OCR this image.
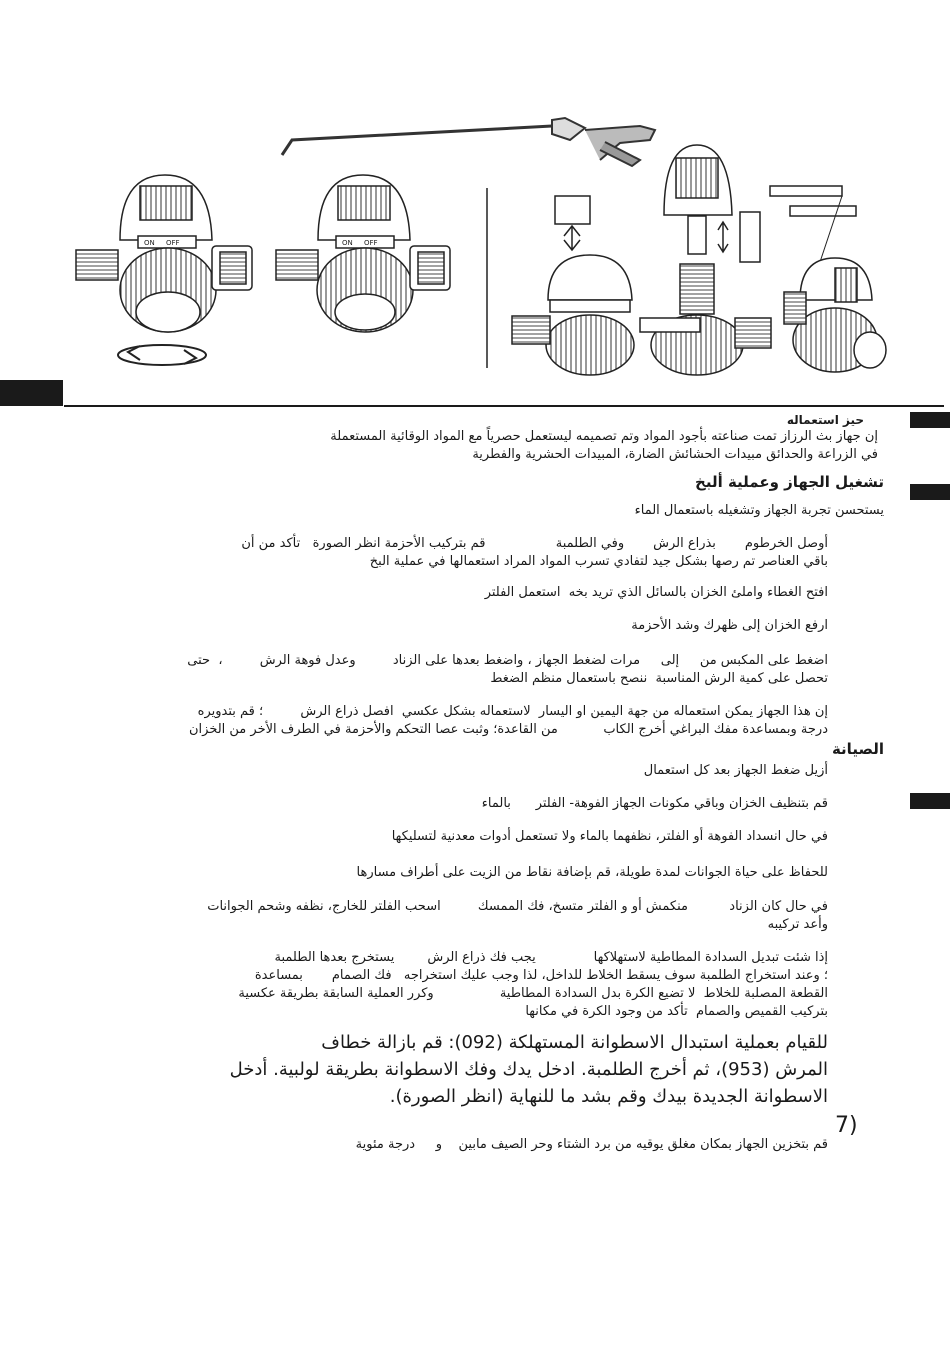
ON OFF	ON OFF

حيز استعماله

إن جهاز بث الرزاز تمت صناعته بأجود المواد وتم تصميمه ليستعمل حصرياً مع المواد الوقائية المستعملة

في الزراعة والحدائق مبيدات الحشائش الضارة، المبيدات الحشرية والفطرية

تشغيل الجهاز وعملية ألبخ

يستحسن تجربة الجهاز وتشغيله باستعمال الماء

أوصل الخرطوم       بذراع الرش       وفي الطلمبة                 قم بتركيب الأحزمة انظر الصورة   تأكد من أن

باقي العناصر تم رصها بشكل جيد لتفادي تسرب المواد المراد استعمالها في عملية البخ

افتح الغطاء واملئ الخزان بالسائل الذي تريد بخه  استعمل الفلتر

ارفع الخزان إلى ظهرك وشد الأحزمة

اضغط على المكبس من     إلى     مرات لضغط الجهاز ، واضغط بعدها على الزناد         وعدل فوهة الرش         ،  حتى

تحصل على كمية الرش المناسبة  ننصح باستعمال منظم الضغط

إن هذا الجهاز يمكن استعماله من جهة اليمين او اليسار  لاستعماله بشكل عكسي  افصل ذراع الرش         ؛ قم بتدويره

درجة وبمساعدة مفك البراغي أخرج الكاب           من القاعدة؛ وثبت عصا التحكم والأحزمة في الطرف الأخر من الخزان

الصيانة

أزيل ضغط الجهاز بعد كل استعمال

قم بتنظيف الخزان وباقي مكونات الجهاز الفوهة- الفلتر      بالماء

في حال انسداد الفوهة أو الفلتر، نظفهما بالماء ولا تستعمل أدوات معدنية لتسليكها

للحفاظ على حياة الجوانات لمدة طويلة، قم بإضافة نقاط من الزيت على أطراف مسارها

في حال كان الزناد          منكمش أو و الفلتر متسخ، فك الممسك         اسحب الفلتر للخارج، نظفه وشحم الجوانات

وأعد تركيبه

إذا شئت تبديل السدادة المطاطية لاستهلاكها              يجب فك ذراع الرش        يستخرج بعدها الطلمبة

؛ وعند استخراج الطلمبة سوف يسقط الخلاط للداخل، لذا وجب عليك استخراجه   فك الصمام       بمساعدة

القطعة المصلبة للخلاط  لا تضيع الكرة بدل السدادة المطاطية                وكرر العملية السابقة بطريقة عكسية

بتركيب القميص والصمام  تأكد من وجود الكرة في مكانها

للقيام بعملية استبدال الاسطوانة المستهلكة (092): قم بازالة خطاف

المرش (953)، ثم أخرج الطلمبة. ادخل يدك وفك الاسطوانة بطريقة لولبية. أدخل

الاسطوانة الجديدة بيدك وقم بشد ما للنهاية (انظر الصورة).

قم بتخزين الجهاز بمكان مغلق يوقيه من برد الشتاء وحر الصيف مابين    و     درجة مئوية

7)
